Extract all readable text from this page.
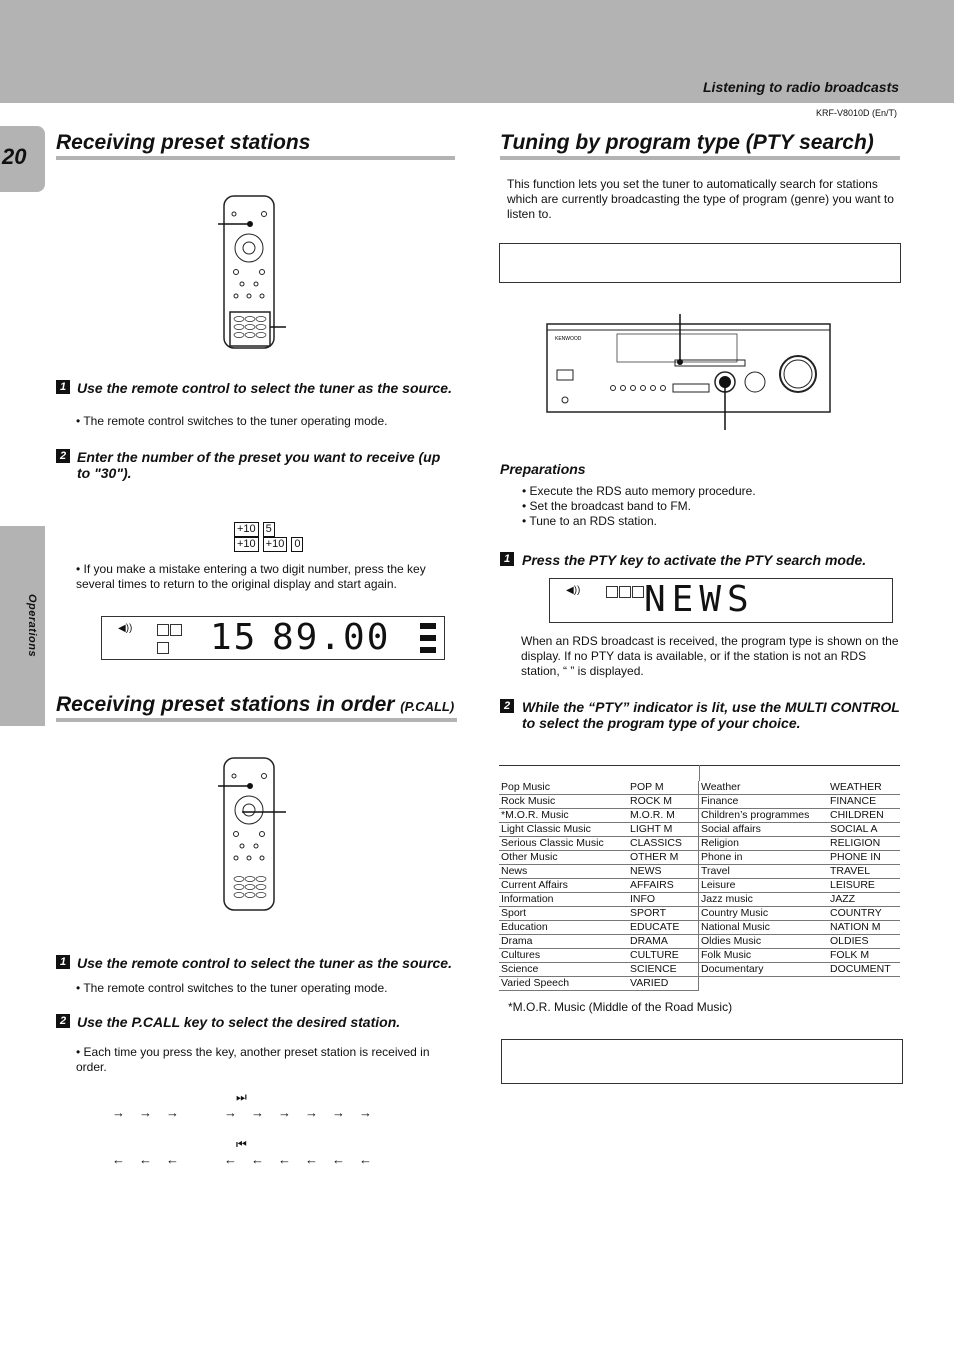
Listening to radio broadcasts
KRF-V8010D (En/T)
20
Operations
Receiving preset stations
1 Use the remote control to select the tuner as the source.
• The remote control switches to the tuner operating mode.
2 Enter the number of the preset you want to receive (up to "30").
+10 5
+10 +10 0
• If you make a mistake entering a two digit number, press the key several times to return to the original display and start again.
◀)) 15 89.00
Receiving preset stations in order (P.CALL)
1 Use the remote control to select the tuner as the source.
• The remote control switches to the tuner operating mode.
2 Use the P.CALL key to select the desired station.
• Each time you press the key, another preset station is received in order.
⏭
→→→ →→→→→→
⏮
←←← ←←←←←←
Tuning by program type (PTY search)
This function lets you set the tuner to automatically search for stations which are currently broadcasting the type of program (genre) you want to listen to.
KENWOOD
Preparations
• Execute the RDS auto memory procedure.
• Set the broadcast band to FM.
• Tune to an RDS station.
1 Press the PTY key to activate the PTY search mode.
◀)) NEWS
When an RDS broadcast is received, the program type is shown on the display. If no PTY data is available, or if the station is not an RDS station, “ ” is displayed.
2 While the “PTY” indicator is lit, use the MULTI CONTROL to select the program type of your choice.
Pop Music	POP M
Rock Music	ROCK M
*M.O.R. Music	M.O.R. M
Light Classic Music	LIGHT M
Serious Classic Music	CLASSICS
Other Music	OTHER M
News	NEWS
Current Affairs	AFFAIRS
Information	INFO
Sport	SPORT
Education	EDUCATE
Drama	DRAMA
Cultures	CULTURE
Science	SCIENCE
Varied Speech	VARIED
Weather	WEATHER
Finance	FINANCE
Children’s programmes	CHILDREN
Social affairs	SOCIAL A
Religion	RELIGION
Phone in	PHONE IN
Travel	TRAVEL
Leisure	LEISURE
Jazz music	JAZZ
Country Music	COUNTRY
National Music	NATION M
Oldies Music	OLDIES
Folk Music	FOLK M
Documentary	DOCUMENT
*M.O.R. Music (Middle of the Road Music)
